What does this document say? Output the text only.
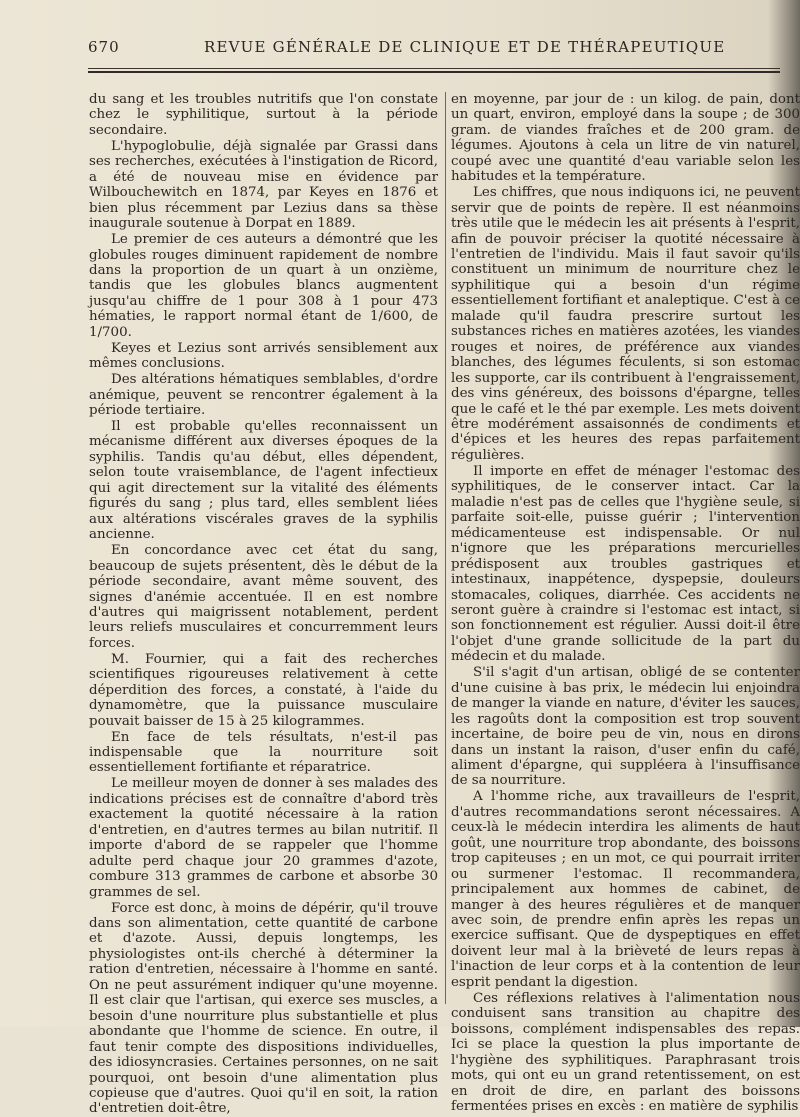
670	REVUE GÉNÉRALE DE CLINIQUE ET DE THÉRAPEUTIQUE

du sang et les troubles nutritifs que l'on constate chez le syphilitique, surtout à la période secondaire.

L'hypoglobulie, déjà signalée par Grassi dans ses recherches, exécutées à l'instigation de Ricord, a été de nouveau mise en évidence par Wilbouchewitch en 1874, par Keyes en 1876 et bien plus récemment par Lezius dans sa thèse inaugurale soutenue à Dorpat en 1889.

Le premier de ces auteurs a démontré que les globules rouges diminuent rapidement de nombre dans la proportion de un quart à un onzième, tandis que les globules blancs augmentent jusqu'au chiffre de 1 pour 308 à 1 pour 473 hématies, le rapport normal étant de 1/600, de 1/700.

Keyes et Lezius sont arrivés sensiblement aux mêmes conclusions.

Des altérations hématiques semblables, d'ordre anémique, peuvent se rencontrer également à la période tertiaire.

Il est probable qu'elles reconnaissent un mécanisme différent aux diverses époques de la syphilis. Tandis qu'au début, elles dépendent, selon toute vraisemblance, de l'agent infectieux qui agit directement sur la vitalité des éléments figurés du sang ; plus tard, elles semblent liées aux altérations viscérales graves de la syphilis ancienne.

En concordance avec cet état du sang, beaucoup de sujets présentent, dès le début de la période secondaire, avant même souvent, des signes d'anémie accentuée. Il en est nombre d'autres qui maigrissent notablement, perdent leurs reliefs musculaires et concurremment leurs forces.

M. Fournier, qui a fait des recherches scientifiques rigoureuses relativement à cette déperdition des forces, a constaté, à l'aide du dynamomètre, que la puissance musculaire pouvait baisser de 15 à 25 kilogrammes.

En face de tels résultats, n'est-il pas indispensable que la nourriture soit essentiellement fortifiante et réparatrice.

Le meilleur moyen de donner à ses malades des indications précises est de connaître d'abord très exactement la quotité nécessaire à la ration d'entretien, en d'autres termes au bilan nutritif. Il importe d'abord de se rappeler que l'homme adulte perd chaque jour 20 grammes d'azote, combure 313 grammes de carbone et absorbe 30 grammes de sel.

Force est donc, à moins de dépérir, qu'il trouve dans son alimentation, cette quantité de carbone et d'azote. Aussi, depuis longtemps, les physiologistes ont-ils cherché à déterminer la ration d'entretien, nécessaire à l'homme en santé. On ne peut assurément indiquer qu'une moyenne. Il est clair que l'artisan, qui exerce ses muscles, a besoin d'une nourriture plus substantielle et plus abondante que l'homme de science. En outre, il faut tenir compte des dispositions individuelles, des idiosyncrasies. Certaines personnes, on ne sait pourquoi, ont besoin d'une alimentation plus copieuse que d'autres. Quoi qu'il en soit, la ration d'entretien doit-être,

en moyenne, par jour de : un kilog. de pain, dont un quart, environ, employé dans la soupe ; de 300 gram. de viandes fraîches et de 200 gram. de légumes. Ajoutons à cela un litre de vin naturel, coupé avec une quantité d'eau variable selon les habitudes et la température.

Les chiffres, que nous indiquons ici, ne peuvent servir que de points de repère. Il est néanmoins très utile que le médecin les ait présents à l'esprit, afin de pouvoir préciser la quotité nécessaire à l'entretien de l'individu. Mais il faut savoir qu'ils constituent un minimum de nourriture chez le syphilitique qui a besoin d'un régime essentiellement fortifiant et analeptique. C'est à ce malade qu'il faudra prescrire surtout les substances riches en matières azotées, les viandes rouges et noires, de préférence aux viandes blanches, des légumes féculents, si son estomac les supporte, car ils contribuent à l'engraissement, des vins généreux, des boissons d'épargne, telles que le café et le thé par exemple. Les mets doivent être modérément assaisonnés de condiments et d'épices et les heures des repas parfaitement régulières.

Il importe en effet de ménager l'estomac des syphilitiques, de le conserver intact. Car la maladie n'est pas de celles que l'hygiène seule, si parfaite soit-elle, puisse guérir ; l'intervention médicamenteuse est indispensable. Or nul n'ignore que les préparations mercurielles prédisposent aux troubles gastriques et intestinaux, inappétence, dyspepsie, douleurs stomacales, coliques, diarrhée. Ces accidents ne seront guère à craindre si l'estomac est intact, si son fonctionnement est régulier. Aussi doit-il être l'objet d'une grande sollicitude de la part du médecin et du malade.

S'il s'agit d'un artisan, obligé de se contenter d'une cuisine à bas prix, le médecin lui enjoindra de manger la viande en nature, d'éviter les sauces, les ragoûts dont la composition est trop souvent incertaine, de boire peu de vin, nous en dirons dans un instant la raison, d'user enfin du café, aliment d'épargne, qui suppléera à l'insuffisance de sa nourriture.

A l'homme riche, aux travailleurs de l'esprit, d'autres recommandations seront nécessaires. A ceux-là le médecin interdira les aliments de haut goût, une nourriture trop abondante, des boissons trop capiteuses ; en un mot, ce qui pourrait irriter ou surmener l'estomac. Il recommandera, principalement aux hommes de cabinet, de manger à des heures régulières et de manquer avec soin, de prendre enfin après les repas un exercice suffisant. Que de dyspeptiques en effet doivent leur mal à la brièveté de leurs repas à l'inaction de leur corps et à la contention de leur esprit pendant la digestion.

Ces réflexions relatives à l'alimentation nous conduisent sans transition au chapitre des boissons, complément indispensables des repas. Ici se place la question la plus importante de l'hygiène des syphilitiques. Paraphrasant trois mots, qui ont eu un grand retentissement, on est en droit de dire, en parlant des boissons fermentées prises en excès : en matière de syphilis
